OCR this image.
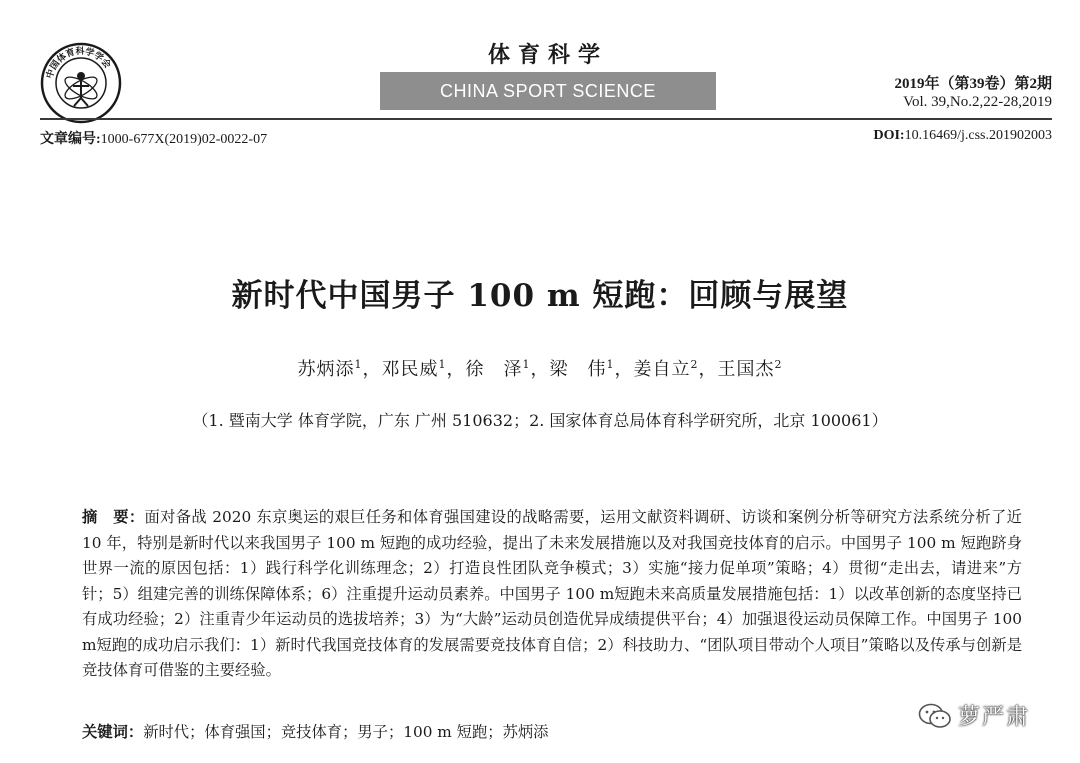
中国体育科学学会	体育科学
CHINA SPORT SCIENCE	2019年（第39卷）第2期
Vol. 39,No.2,22-28,2019
文章编号:1000-677X(2019)02-0022-07	DOI:10.16469/j.css.201902003
新时代中国男子 100 m 短跑：回顾与展望
苏炳添$^1$，邓民威$^1$，徐　泽$^1$，梁　伟$^1$，姜自立$^2$，王国杰$^2$
（1. 暨南大学 体育学院，广东 广州 510632；2. 国家体育总局体育科学研究所，北京 100061）
摘　要：面对备战 2020 东京奥运的艰巨任务和体育强国建设的战略需要，运用文献资料调研、访谈和案例分析等研究方法系统分析了近 10 年，特别是新时代以来我国男子 100 m 短跑的成功经验，提出了未来发展措施以及对我国竞技体育的启示。中国男子 100 m 短跑跻身世界一流的原因包括：1）践行科学化训练理念；2）打造良性团队竞争模式；3）实施“接力促单项”策略；4）贯彻“走出去，请进来”方针；5）组建完善的训练保障体系；6）注重提升运动员素养。中国男子 100 m短跑未来高质量发展措施包括：1）以改革创新的态度坚持已有成功经验；2）注重青少年运动员的选拔培养；3）为“大龄”运动员创造优异成绩提供平台；4）加强退役运动员保障工作。中国男子 100 m短跑的成功启示我们：1）新时代我国竞技体育的发展需要竞技体育自信；2）科技助力、“团队项目带动个人项目”策略以及传承与创新是竞技体育可借鉴的主要经验。
关键词：新时代；体育强国；竞技体育；男子；100 m 短跑；苏炳添
萝严肃
